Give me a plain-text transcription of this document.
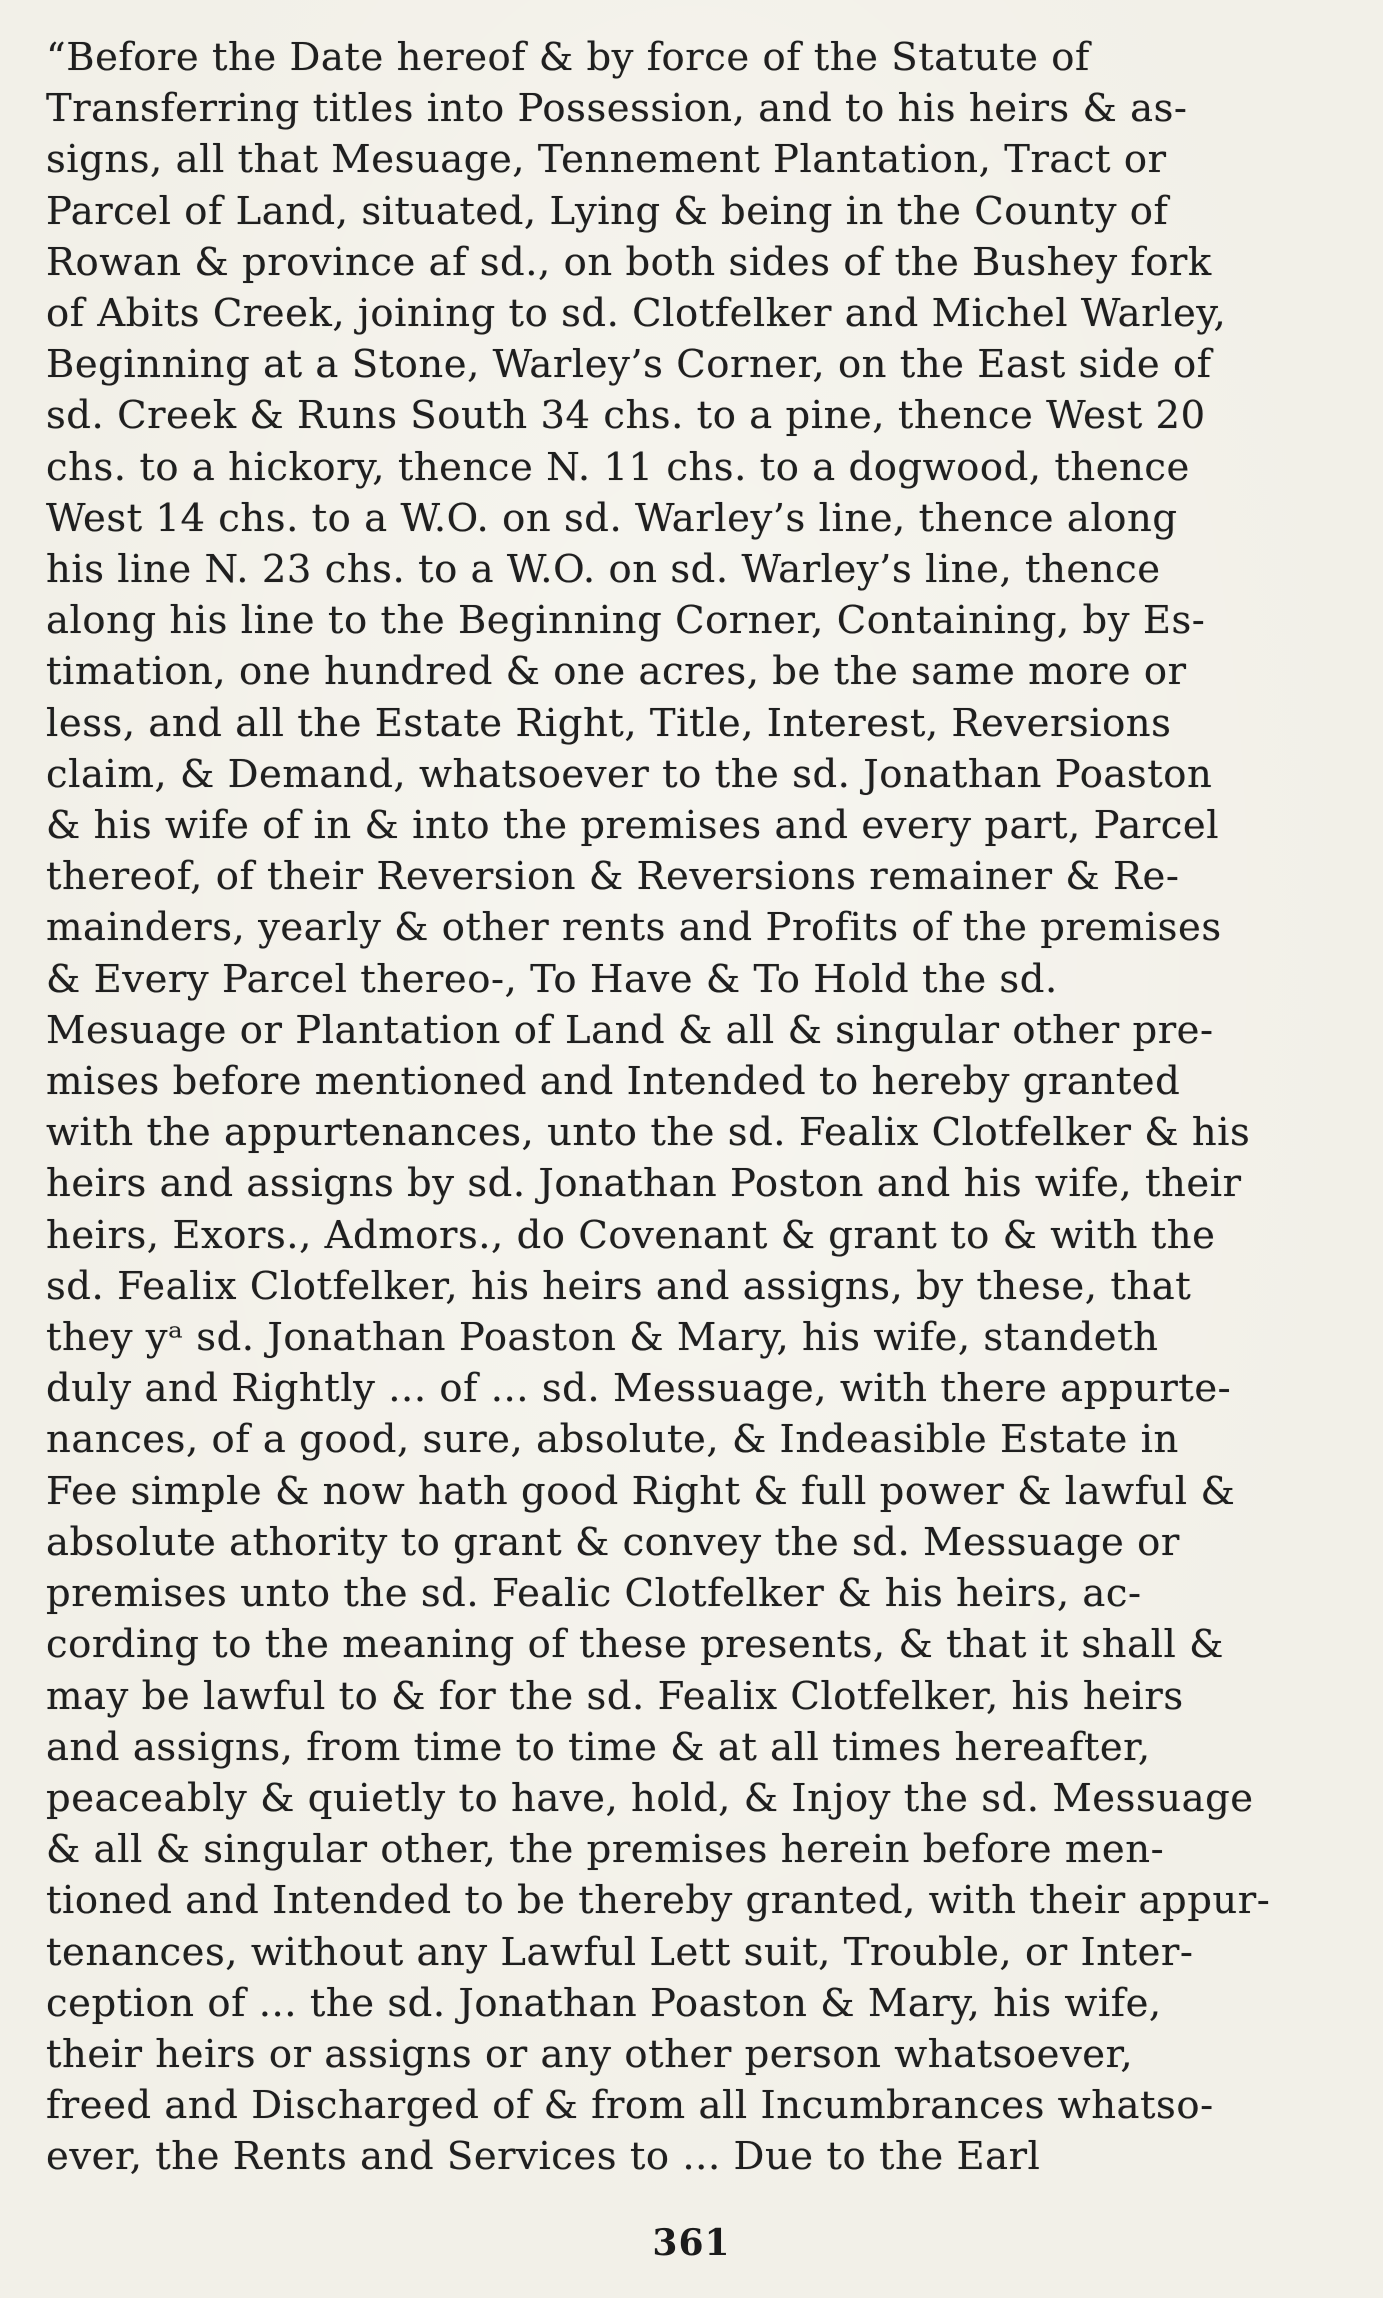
“Before the Date hereof & by force of the Statute of
Transferring titles into Possession, and to his heirs & as-
signs, all that Mesuage, Tennement Plantation, Tract or
Parcel of Land, situated, Lying & being in the County of
Rowan & province af sd., on both sides of the Bushey fork
of Abits Creek, joining to sd. Clotfelker and Michel Warley,
Beginning at a Stone, Warley’s Corner, on the East side of
sd. Creek & Runs South 34 chs. to a pine, thence West 20
chs. to a hickory, thence N. 11 chs. to a dogwood, thence
West 14 chs. to a W.O. on sd. Warley’s line, thence along
his line N. 23 chs. to a W.O. on sd. Warley’s line, thence
along his line to the Beginning Corner, Containing, by Es-
timation, one hundred & one acres, be the same more or
less, and all the Estate Right, Title, Interest, Reversions
claim, & Demand, whatsoever to the sd. Jonathan Poaston
& his wife of in & into the premises and every part, Parcel
thereof, of their Reversion & Reversions remainer & Re-
mainders, yearly & other rents and Profits of the premises
& Every Parcel thereo-, To Have & To Hold the sd.
Mesuage or Plantation of Land & all & singular other pre-
mises before mentioned and Intended to hereby granted
with the appurtenances, unto the sd. Fealix Clotfelker & his
heirs and assigns by sd. Jonathan Poston and his wife, their
heirs, Exors., Admors., do Covenant & grant to & with the
sd. Fealix Clotfelker, his heirs and assigns, by these, that
they yᵃ sd. Jonathan Poaston & Mary, his wife, standeth
duly and Rightly ... of ... sd. Messuage, with there appurte-
nances, of a good, sure, absolute, & Indeasible Estate in
Fee simple & now hath good Right & full power & lawful &
absolute athority to grant & convey the sd. Messuage or
premises unto the sd. Fealic Clotfelker & his heirs, ac-
cording to the meaning of these presents, & that it shall &
may be lawful to & for the sd. Fealix Clotfelker, his heirs
and assigns, from time to time & at all times hereafter,
peaceably & quietly to have, hold, & Injoy the sd. Messuage
& all & singular other, the premises herein before men-
tioned and Intended to be thereby granted, with their appur-
tenances, without any Lawful Lett suit, Trouble, or Inter-
ception of ... the sd. Jonathan Poaston & Mary, his wife,
their heirs or assigns or any other person whatsoever,
freed and Discharged of & from all Incumbrances whatso-
ever, the Rents and Services to ... Due to the Earl
361
